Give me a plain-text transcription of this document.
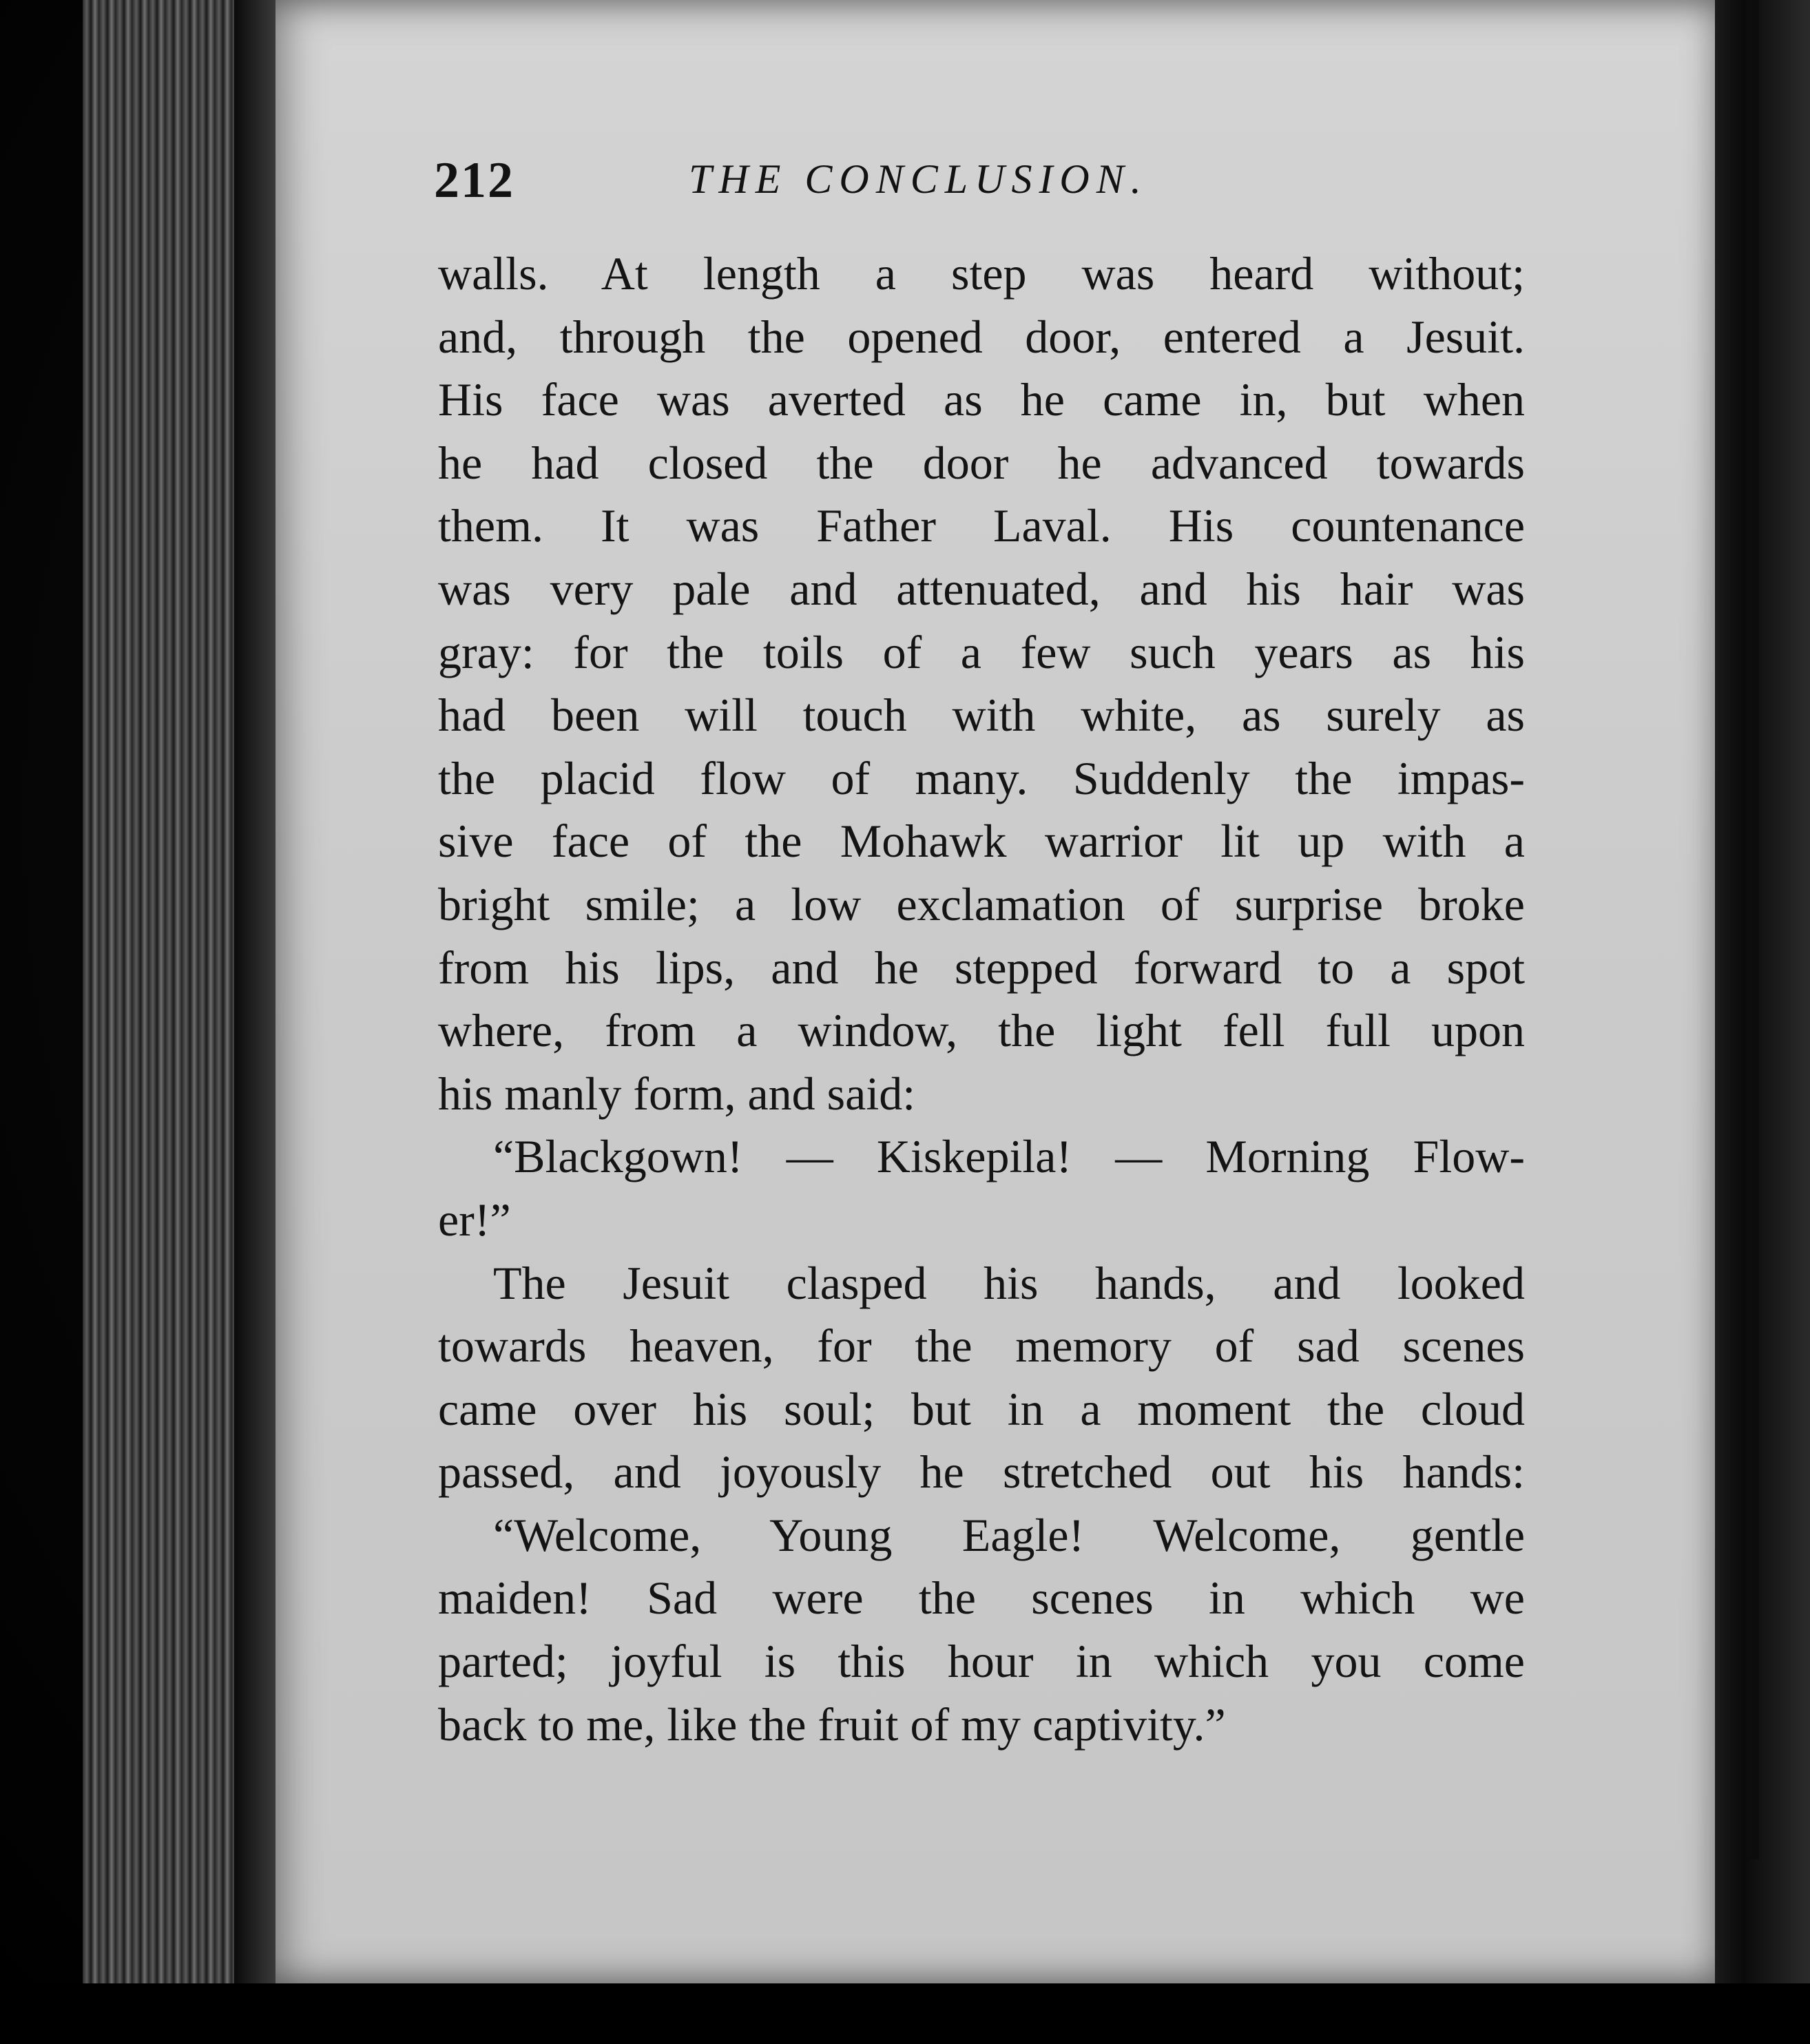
212	THE CONCLUSION.
walls. At length a step was heard without;
and, through the opened door, entered a Jesuit.
His face was averted as he came in, but when
he had closed the door he advanced towards
them. It was Father Laval. His countenance
was very pale and attenuated, and his hair was
gray: for the toils of a few such years as his
had been will touch with white, as surely as
the placid flow of many. Suddenly the impas-
sive face of the Mohawk warrior lit up with a
bright smile; a low exclamation of surprise broke
from his lips, and he stepped forward to a spot
where, from a window, the light fell full upon
his manly form, and said:
“Blackgown! — Kiskepila! — Morning Flow-
er!”
The Jesuit clasped his hands, and looked
towards heaven, for the memory of sad scenes
came over his soul; but in a moment the cloud
passed, and joyously he stretched out his hands:
“Welcome, Young Eagle! Welcome, gentle
maiden! Sad were the scenes in which we
parted; joyful is this hour in which you come
back to me, like the fruit of my captivity.”
